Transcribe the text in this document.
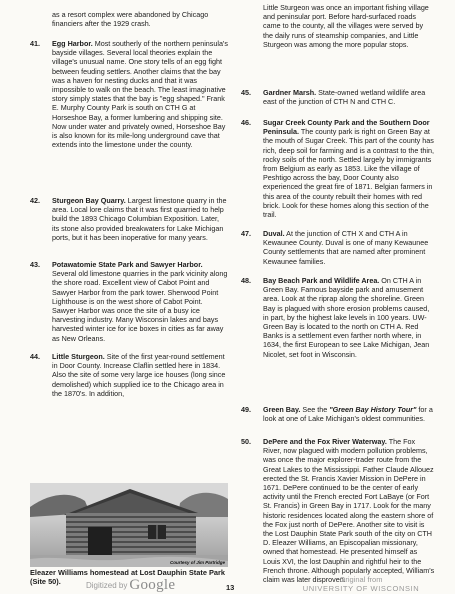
as a resort complex were abandoned by Chicago financiers after the 1929 crash.

41. Egg Harbor. Most southerly of the northern peninsula's bayside villages. Several local theories explain the village's unusual name. One story tells of an egg fight between feuding settlers. Another claims that the bay was a haven for nesting ducks and that it was impossible to walk on the beach. The least imaginative story simply states that the bay is "egg shaped." Frank E. Murphy County Park is south on CTH G at Horseshoe Bay, a former lumbering and shipping site. Now under water and privately owned, Horseshoe Bay is also known for its mile-long underground cave that extends into the limestone under the county.
42. Sturgeon Bay Quarry. Largest limestone quarry in the area. Local lore claims that it was first quarried to help build the 1893 Chicago Columbian Exposition. Later, its stone also provided breakwaters for Lake Michigan ports, but it has been inoperative for many years.
43. Potawatomie State Park and Sawyer Harbor. Several old limestone quarries in the park vicinity along the shore road. Excellent view of Cabot Point and Sawyer Harbor from the park tower. Sherwood Point Lighthouse is on the west shore of Cabot Point. Sawyer Harbor was once the site of a busy ice harvesting industry. Many Wisconsin lakes and bays harvested winter ice for ice boxes in cities as far away as New Orleans.
44. Little Sturgeon. Site of the first year-round settlement in Door County. Increase Claflin settled here in 1834. Also the site of some very large ice houses (long since demolished) which supplied ice to the Chicago area in the 1870's. In addition,
Courtesy of Jim Partridge
Eleazer Williams homestead at Lost Dauphin State Park (Site 50).

Little Sturgeon was once an important fishing village and peninsular port. Before hard-surfaced roads came to the county, all the villages were served by the daily runs of steamship companies, and Little Sturgeon was among the more popular stops.

45. Gardner Marsh. State-owned wetland wildlife area east of the junction of CTH N and CTH C.
46. Sugar Creek County Park and the Southern Door Peninsula. The county park is right on Green Bay at the mouth of Sugar Creek. This part of the county has rich, deep soil for farming and is a contrast to the thin, rocky soils of the north. Settled largely by immigrants from Belgium as early as 1853. Like the village of Peshtigo across the bay, Door County also experienced the great fire of 1871. Belgian farmers in this area of the county rebuilt their homes with red brick. Look for these homes along this section of the trail.
47. Duval. At the junction of CTH X and CTH A in Kewaunee County. Duval is one of many Kewaunee County settlements that are named after prominent Kewaunee families.
48. Bay Beach Park and Wildlife Area. On CTH A in Green Bay. Famous bayside park and amusement area. Look at the riprap along the shoreline. Green Bay is plagued with shore erosion problems caused, in part, by the highest lake levels in 100 years. UW-Green Bay is located to the north on CTH A. Red Banks is a settlement even farther north where, in 1634, the first European to see Lake Michigan, Jean Nicolet, set foot in Wisconsin.
49. Green Bay. See the "Green Bay History Tour" for a look at one of Lake Michigan's oldest communities.
50. DePere and the Fox River Waterway. The Fox River, now plagued with modern pollution problems, was once the major explorer-trader route from the Great Lakes to the Mississippi. Father Claude Allouez erected the St. Francis Xavier Mission in DePere in 1671. DePere continued to be the center of early activity until the French erected Fort LaBaye (or Fort St. Francis) in Green Bay in 1717. Look for the many historic residences located along the eastern shore of the Fox just north of DePere. Another site to visit is the Lost Dauphin State Park south of the city on CTH D. Eleazer Williams, an Episcopalian missionary, owned that homestead. He presented himself as Louis XVI, the lost Dauphin and rightful heir to the French throne. Although popularly accepted, William's claim was later disproven.
Digitized by Google	13
Original from
UNIVERSITY OF WISCONSIN
